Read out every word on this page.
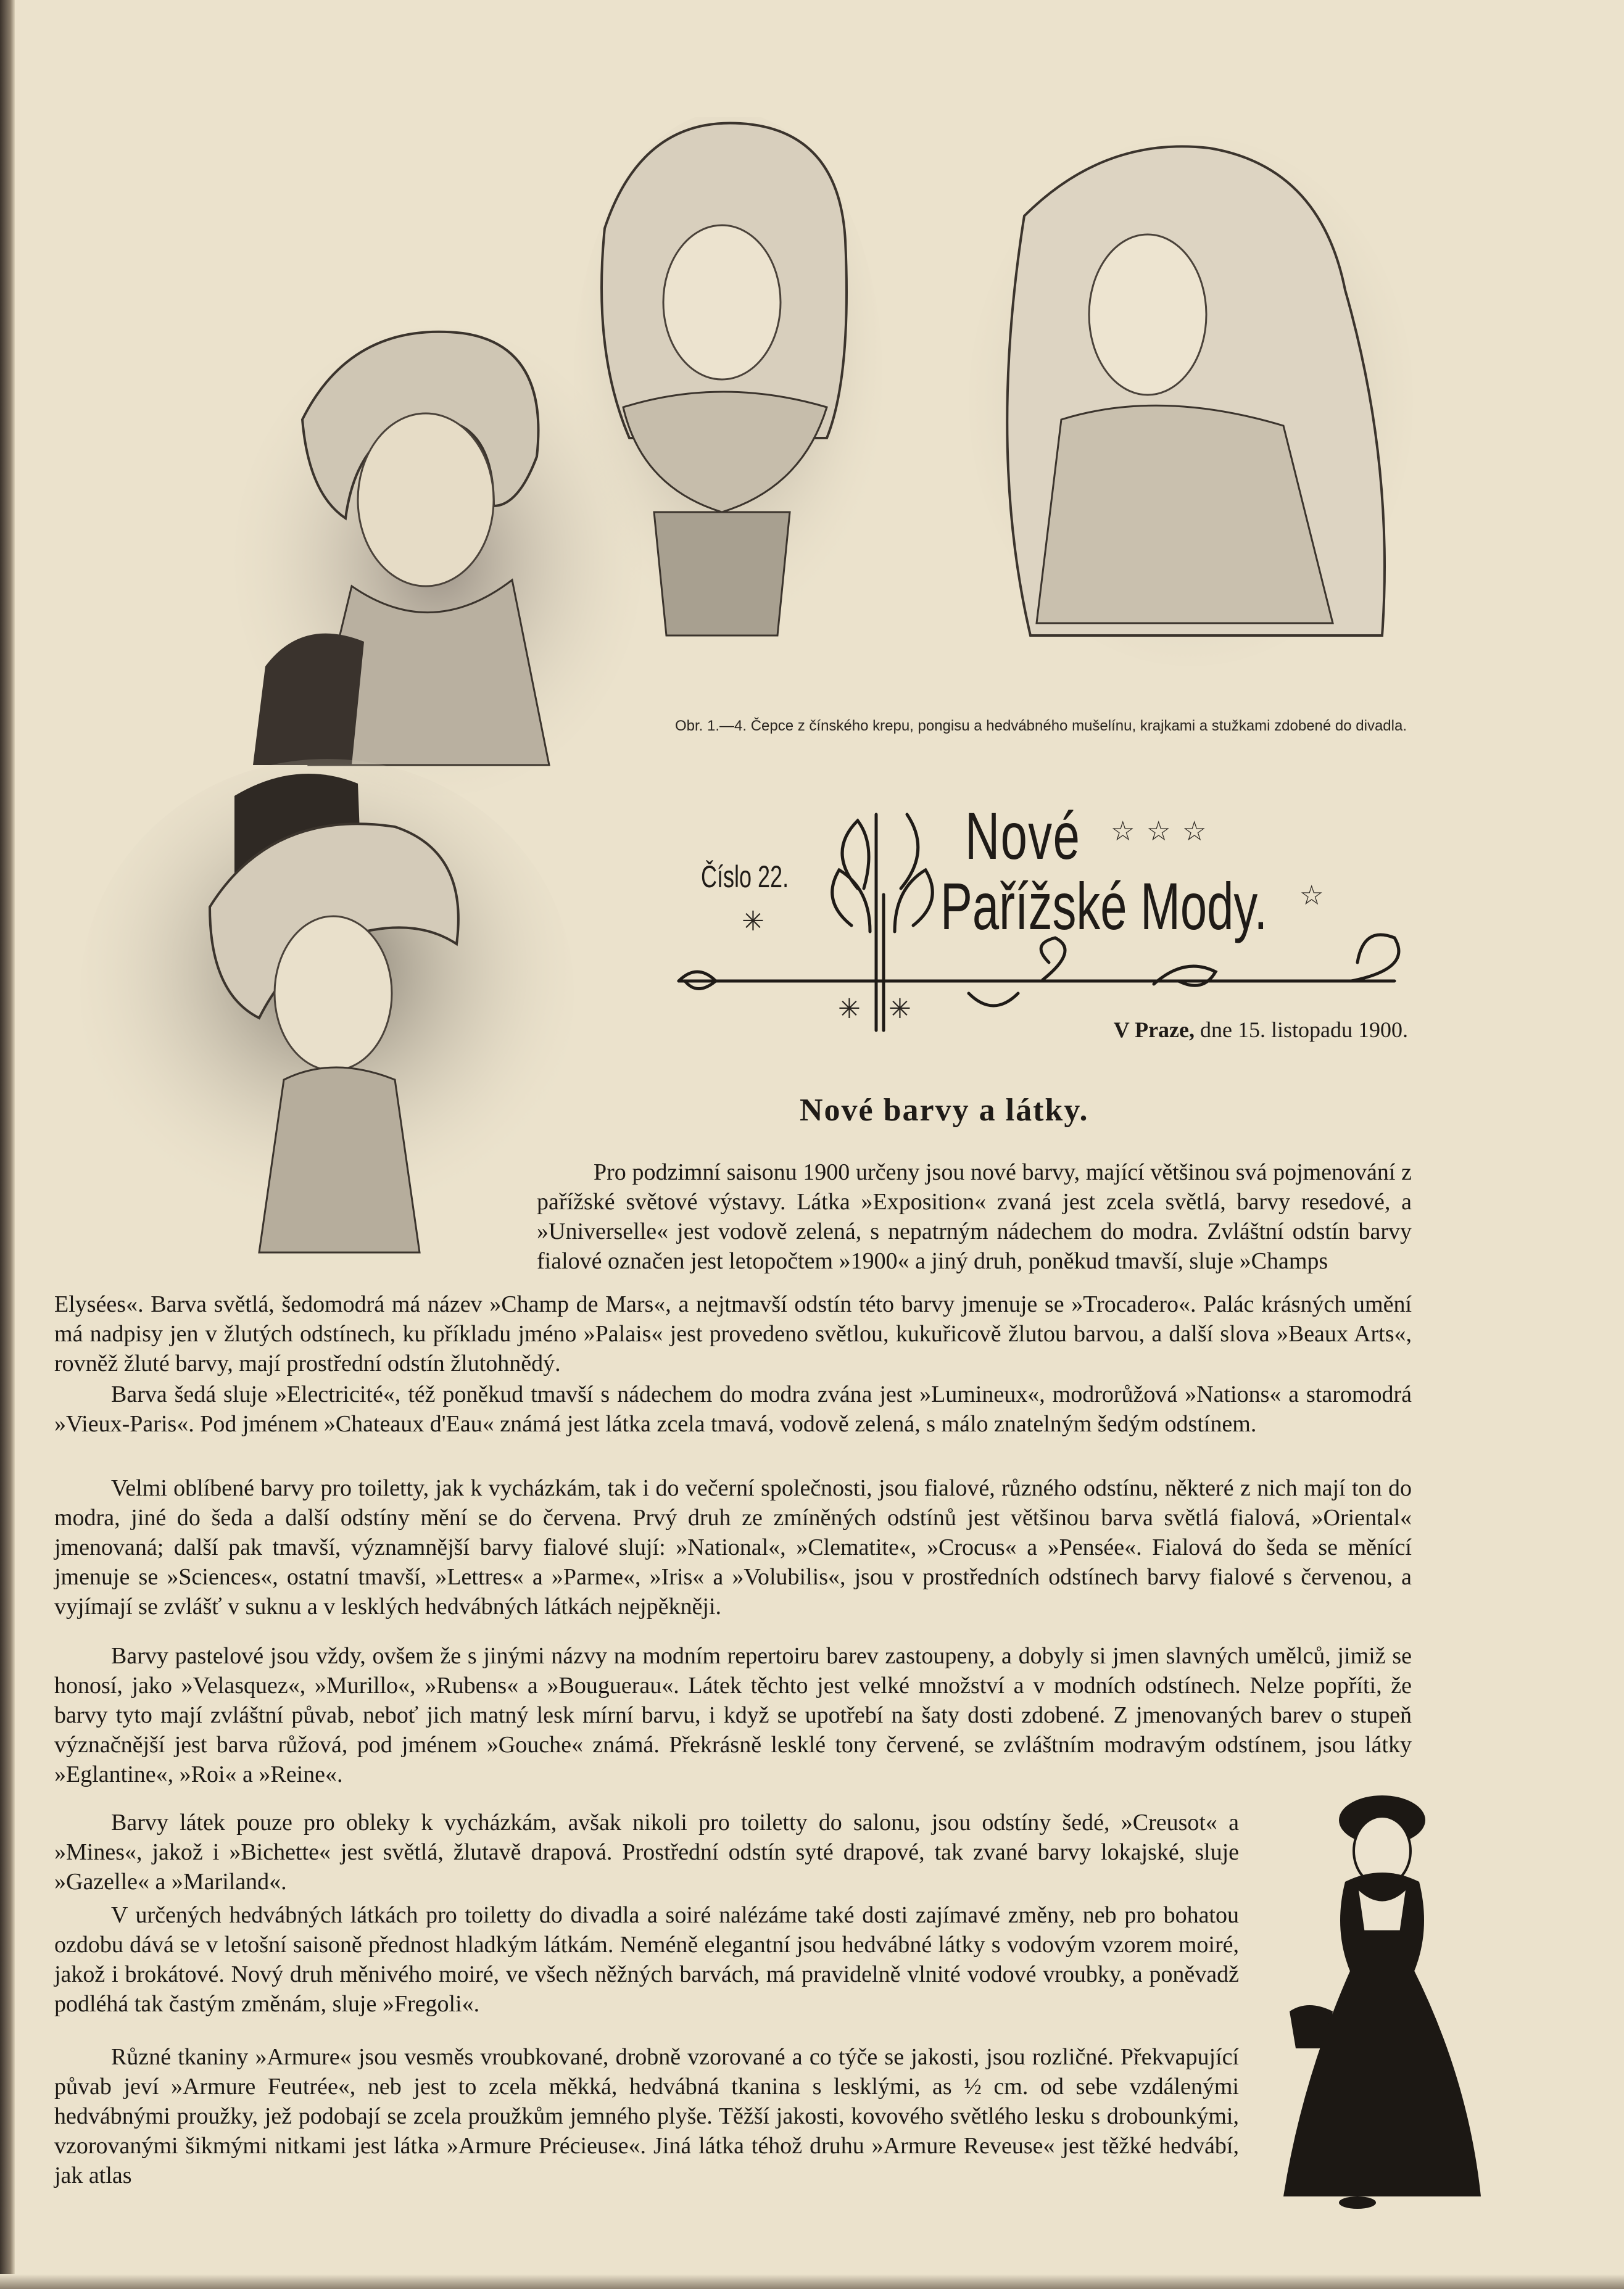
Obr. 1.—4. Čepce z čínského krepu, pongisu a hedvábného mušelínu, krajkami a stužkami zdobené do divadla.
Číslo 22.
✳
✳ ✳
Nové ☆ ☆ ☆
Pařížské Mody. ☆
V Praze, dne 15. listopadu 1900.
Nové barvy a látky.
Pro podzimní saisonu 1900 určeny jsou nové barvy, mající většinou svá pojmenování z pařížské světové výstavy. Látka »Exposition« zvaná jest zcela světlá, barvy resedové, a »Universelle« jest vodově zelená, s nepatrným nádechem do modra. Zvláštní odstín barvy fialové označen jest letopočtem »1900« a jiný druh, poněkud tmavší, sluje »Champs
Elysées«. Barva světlá, šedomodrá má název »Champ de Mars«, a nejtmavší odstín této barvy jmenuje se »Trocadero«. Palác krásných umění má nadpisy jen v žlutých odstínech, ku příkladu jméno »Palais« jest provedeno světlou, kukuřicově žlutou barvou, a další slova »Beaux Arts«, rovněž žluté barvy, mají prostřední odstín žlutohnědý.
Barva šedá sluje »Electricité«, též poněkud tmavší s nádechem do modra zvána jest »Lumineux«, modrorůžová »Nations« a staromodrá »Vieux-Paris«. Pod jménem »Chateaux d'Eau« známá jest látka zcela tmavá, vodově zelená, s málo znatelným šedým odstínem.
Velmi oblíbené barvy pro toiletty, jak k vycházkám, tak i do večerní společnosti, jsou fialové, různého odstínu, některé z nich mají ton do modra, jiné do šeda a další odstíny mění se do červena. Prvý druh ze zmíněných odstínů jest většinou barva světlá fialová, »Oriental« jmenovaná; další pak tmavší, významnější barvy fialové slují: »National«, »Clematite«, »Crocus« a »Pensée«. Fialová do šeda se měnící jmenuje se »Sciences«, ostatní tmavší, »Lettres« a »Parme«, »Iris« a »Volubilis«, jsou v prostředních odstínech barvy fialové s červenou, a vyjímají se zvlášť v suknu a v lesklých hedvábných látkách nejpěkněji.
Barvy pastelové jsou vždy, ovšem že s jinými názvy na modním repertoiru barev zastoupeny, a dobyly si jmen slavných umělců, jimiž se honosí, jako »Velasquez«, »Murillo«, »Rubens« a »Bouguerau«. Látek těchto jest velké množství a v modních odstínech. Nelze popříti, že barvy tyto mají zvláštní půvab, neboť jich matný lesk mírní barvu, i když se upotřebí na šaty dosti zdobené. Z jmenovaných barev o stupeň význačnější jest barva růžová, pod jménem »Gouche« známá. Překrásně lesklé tony červené, se zvláštním modravým odstínem, jsou látky »Eglantine«, »Roi« a »Reine«.
Barvy látek pouze pro obleky k vycházkám, avšak nikoli pro toiletty do salonu, jsou odstíny šedé, »Creusot« a »Mines«, jakož i »Bichette« jest světlá, žlutavě drapová. Prostřední odstín syté drapové, tak zvané barvy lokajské, sluje »Gazelle« a »Mariland«.
V určených hedvábných látkách pro toiletty do divadla a soiré nalézáme také dosti zajímavé změny, neb pro bohatou ozdobu dává se v letošní saisoně přednost hladkým látkám. Neméně elegantní jsou hedvábné látky s vodovým vzorem moiré, jakož i brokátové. Nový druh měnivého moiré, ve všech něžných barvách, má pravidelně vlnité vodové vroubky, a poněvadž podléhá tak častým změnám, sluje »Fregoli«.
Různé tkaniny »Armure« jsou vesměs vroubkované, drobně vzorované a co týče se jakosti, jsou rozličné. Překvapující půvab jeví »Armure Feutrée«, neb jest to zcela měkká, hedvábná tkanina s lesklými, as ½ cm. od sebe vzdálenými hedvábnými proužky, jež podobají se zcela proužkům jemného plyše. Těžší jakosti, kovového světlého lesku s drobounkými, vzorovanými šikmými nitkami jest látka »Armure Précieuse«. Jiná látka téhož druhu »Armure Reveuse« jest těžké hedvábí, jak atlas
